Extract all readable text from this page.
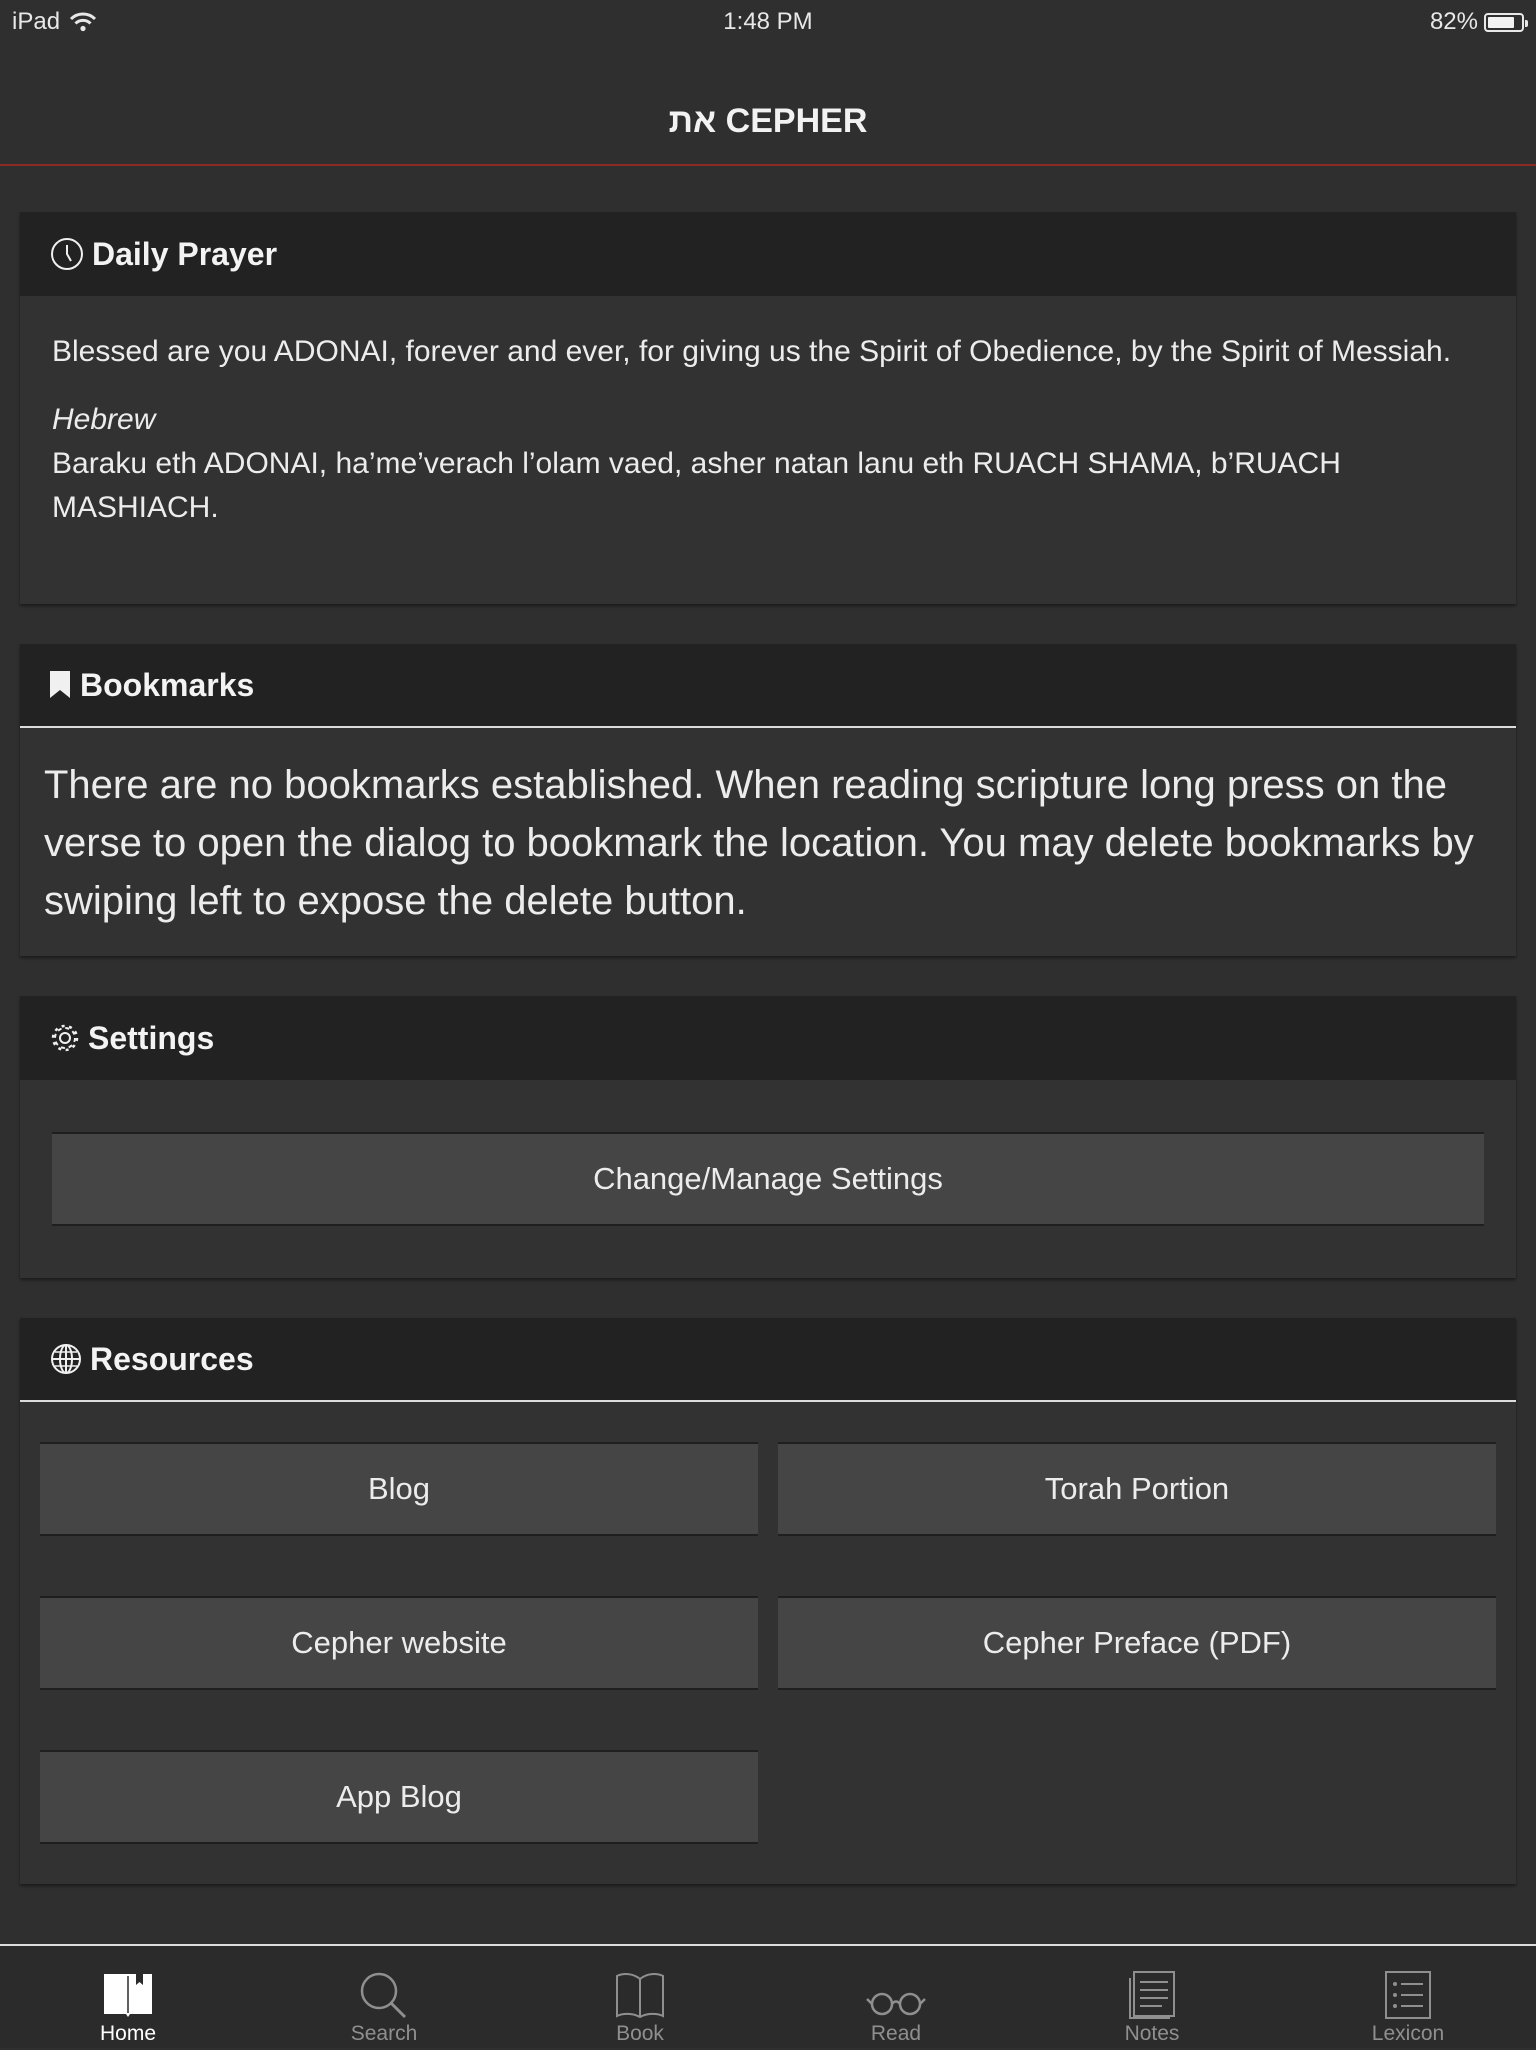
iPad	1:48 PM	82%
את CEPHER
Daily Prayer

Blessed are you ADONAI, forever and ever, for giving us the Spirit of Obedience, by the Spirit of Messiah.

Hebrew

Baraku eth ADONAI, ha’me’verach l’olam vaed, asher natan lanu eth RUACH SHAMA, b’RUACH MASHIACH.

Bookmarks
There are no bookmarks established. When reading scripture long press on the verse to open the dialog to bookmark the location. You may delete bookmarks by swiping left to expose the delete button.
Settings
Change/Manage Settings
Resources
Blog	Torah Portion
Cepher website	Cepher Preface (PDF)
App Blog
Home	Search	Book	Read	Notes	Lexicon
